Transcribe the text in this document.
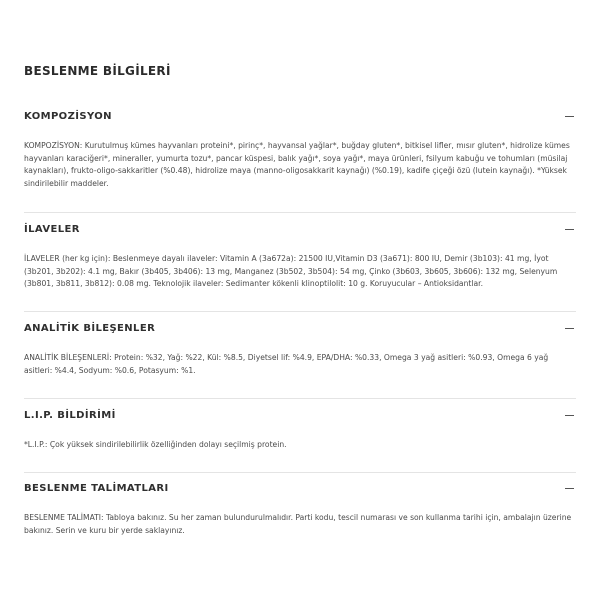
BESLENME BİLGİLERİ
KOMPOZİSYON

KOMPOZİSYON: Kurutulmuş kümes hayvanları proteini*, pirinç*, hayvansal yağlar*, buğday gluten*, bitkisel lifler, mısır gluten*, hidrolize kümes hayvanları karaciğeri*, mineraller, yumurta tozu*, pancar küspesi, balık yağı*, soya yağı*, maya ürünleri, fsilyum kabuğu ve tohumları (müsilaj kaynakları), frukto-oligo-sakkaritler (%0.48), hidrolize maya (manno-oligosakkarit kaynağı) (%0.19), kadife çiçeği özü (lutein kaynağı). *Yüksek sindirilebilir maddeler.

İLAVELER

İLAVELER (her kg için): Beslenmeye dayalı ilaveler: Vitamin A (3a672a): 21500 IU,Vitamin D3 (3a671): 800 IU, Demir (3b103): 41 mg, İyot (3b201, 3b202): 4.1 mg, Bakır (3b405, 3b406): 13 mg, Manganez (3b502, 3b504): 54 mg, Çinko (3b603, 3b605, 3b606): 132 mg, Selenyum (3b801, 3b811, 3b812): 0.08 mg. Teknolojik ilaveler: Sedimanter kökenli klinoptilolit: 10 g. Koruyucular – Antioksidantlar.

ANALİTİK BİLEŞENLER

ANALİTİK BİLEŞENLERİ: Protein: %32, Yağ: %22, Kül: %8.5, Diyetsel lif: %4.9, EPA/DHA: %0.33, Omega 3 yağ asitleri: %0.93, Omega 6 yağ asitleri: %4.4, Sodyum: %0.6, Potasyum: %1.

L.I.P. BİLDİRİMİ

*L.I.P.: Çok yüksek sindirilebilirlik özelliğinden dolayı seçilmiş protein.

BESLENME TALİMATLARI

BESLENME TALİMATI: Tabloya bakınız. Su her zaman bulundurulmalıdır. Parti kodu, tescil numarası ve son kullanma tarihi için, ambalajın üzerine bakınız. Serin ve kuru bir yerde saklayınız.
